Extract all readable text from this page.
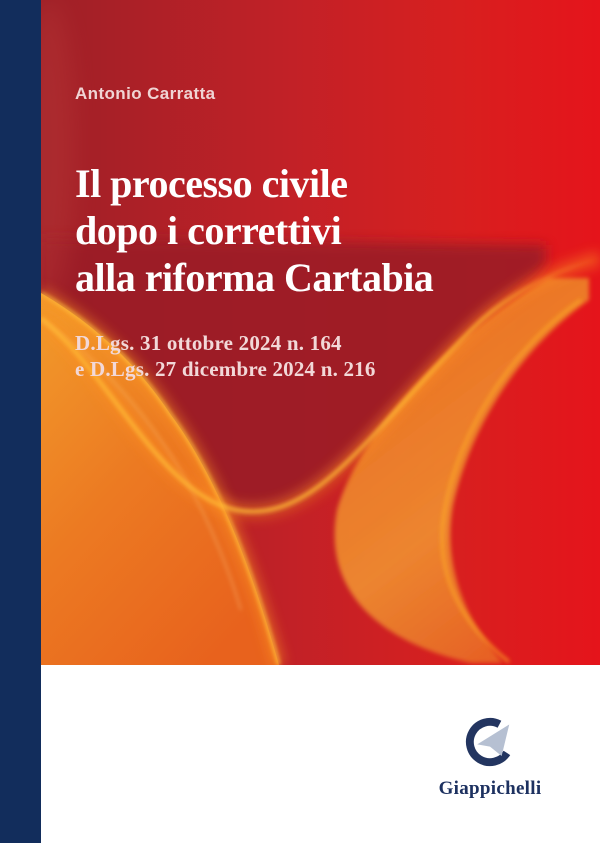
Antonio Carratta
Il processo civile
dopo i correttivi
alla riforma Cartabia
D.Lgs. 31 ottobre 2024 n. 164
e D.Lgs. 27 dicembre 2024 n. 216
Giappichelli
